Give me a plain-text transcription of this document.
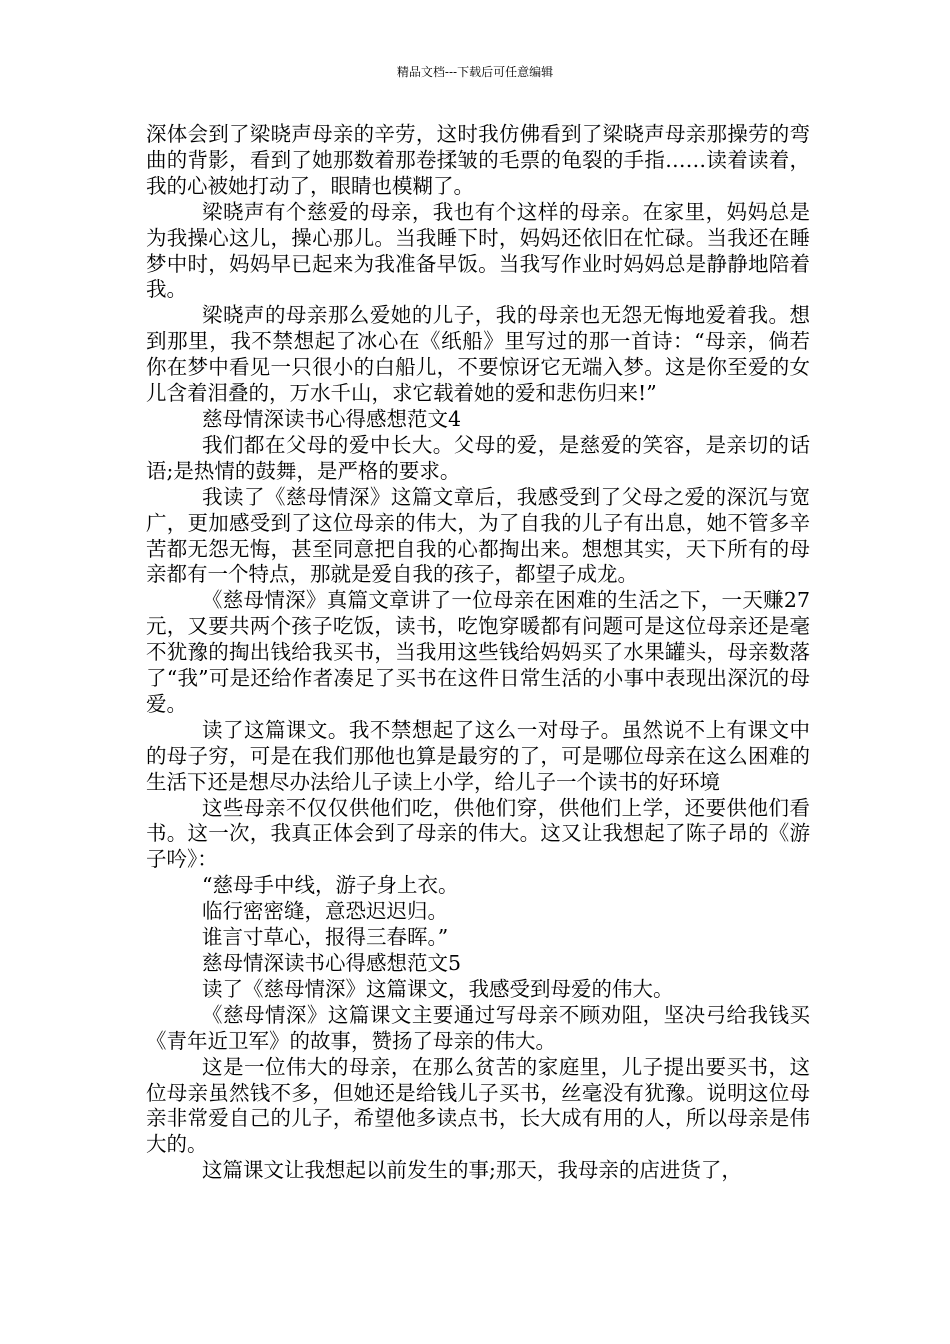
精品文档---下载后可任意编辑

深体会到了梁晓声母亲的辛劳，这时我仿佛看到了梁晓声母亲那操劳的弯曲的背影，看到了她那数着那卷揉皱的毛票的龟裂的手指……读着读着，我的心被她打动了，眼睛也模糊了。

梁晓声有个慈爱的母亲，我也有个这样的母亲。在家里，妈妈总是为我操心这儿，操心那儿。当我睡下时，妈妈还依旧在忙碌。当我还在睡梦中时，妈妈早已起来为我准备早饭。当我写作业时妈妈总是静静地陪着我。

梁晓声的母亲那么爱她的儿子，我的母亲也无怨无悔地爱着我。想到那里，我不禁想起了冰心在《纸船》里写过的那一首诗：“母亲，倘若你在梦中看见一只很小的白船儿，不要惊讶它无端入梦。这是你至爱的女儿含着泪叠的，万水千山，求它载着她的爱和悲伤归来!”

慈母情深读书心得感想范文4

我们都在父母的爱中长大。父母的爱，是慈爱的笑容，是亲切的话语;是热情的鼓舞，是严格的要求。

我读了《慈母情深》这篇文章后，我感受到了父母之爱的深沉与宽广，更加感受到了这位母亲的伟大，为了自我的儿子有出息，她不管多辛苦都无怨无悔，甚至同意把自我的心都掏出来。想想其实，天下所有的母亲都有一个特点，那就是爱自我的孩子，都望子成龙。

《慈母情深》真篇文章讲了一位母亲在困难的生活之下，一天赚27元，又要共两个孩子吃饭，读书，吃饱穿暖都有问题可是这位母亲还是毫不犹豫的掏出钱给我买书，当我用这些钱给妈妈买了水果罐头，母亲数落了“我”可是还给作者凑足了买书在这件日常生活的小事中表现出深沉的母爱。

读了这篇课文。我不禁想起了这么一对母子。虽然说不上有课文中的母子穷，可是在我们那他也算是最穷的了，可是哪位母亲在这么困难的生活下还是想尽办法给儿子读上小学，给儿子一个读书的好环境

这些母亲不仅仅供他们吃，供他们穿，供他们上学，还要供他们看书。这一次，我真正体会到了母亲的伟大。这又让我想起了陈子昂的《游子吟》：

“慈母手中线，游子身上衣。

临行密密缝，意恐迟迟归。

谁言寸草心，报得三春晖。”

慈母情深读书心得感想范文5

读了《慈母情深》这篇课文，我感受到母爱的伟大。

《慈母情深》这篇课文主要通过写母亲不顾劝阻，坚决弓给我钱买《青年近卫军》的故事，赞扬了母亲的伟大。

这是一位伟大的母亲，在那么贫苦的家庭里，儿子提出要买书，这位母亲虽然钱不多，但她还是给钱儿子买书，丝毫没有犹豫。说明这位母亲非常爱自己的儿子，希望他多读点书，长大成有用的人，所以母亲是伟大的。

这篇课文让我想起以前发生的事;那天，我母亲的店进货了，
